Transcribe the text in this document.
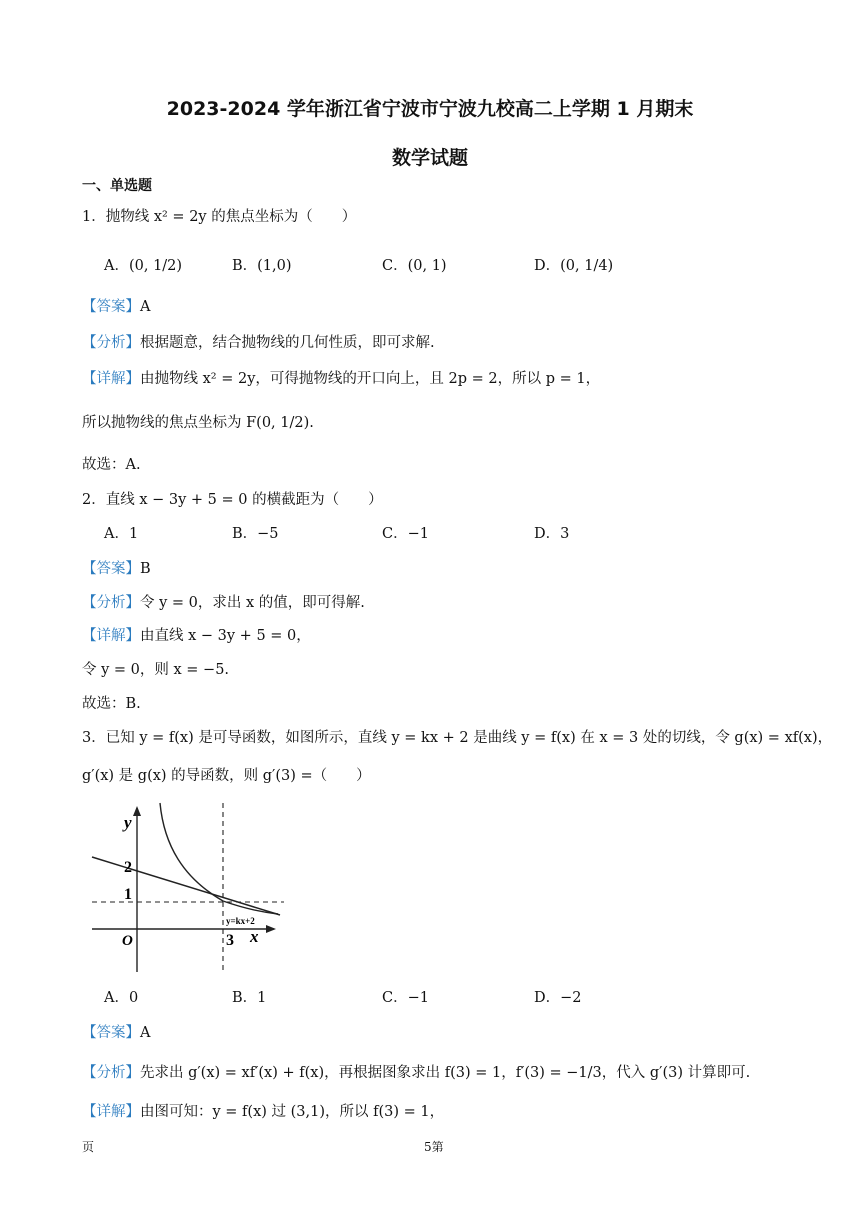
2023-2024 学年浙江省宁波市宁波九校高二上学期 1 月期末
数学试题
一、单选题
1．抛物线 x² = 2y 的焦点坐标为（　　）
A．(0, 1/2)	B．(1,0)	C．(0, 1)	D．(0, 1/4)
【答案】A
【分析】根据题意，结合抛物线的几何性质，即可求解.
【详解】由抛物线 x² = 2y，可得抛物线的开口向上，且 2p = 2，所以 p = 1，
所以抛物线的焦点坐标为 F(0, 1/2).
故选：A.
2．直线 x − 3y + 5 = 0 的横截距为（　　）
A．1	B．−5	C．−1	D．3
【答案】B
【分析】令 y = 0，求出 x 的值，即可得解.
【详解】由直线 x − 3y + 5 = 0，
令 y = 0，则 x = −5.
故选：B.
3．已知 y = f(x) 是可导函数，如图所示，直线 y = kx + 2 是曲线 y = f(x) 在 x = 3 处的切线，令 g(x) = xf(x)，
g′(x) 是 g(x) 的导函数，则 g′(3) =（　　）
y
2
1
O	3 x
y=kx+2
A．0	B．1	C．−1	D．−2
【答案】A
【分析】先求出 g′(x) = xf′(x) + f(x)，再根据图象求出 f(3) = 1，f′(3) = −1/3，代入 g′(3) 计算即可.
【详解】由图可知：y = f(x) 过 (3,1)，所以 f(3) = 1，
页	5第
